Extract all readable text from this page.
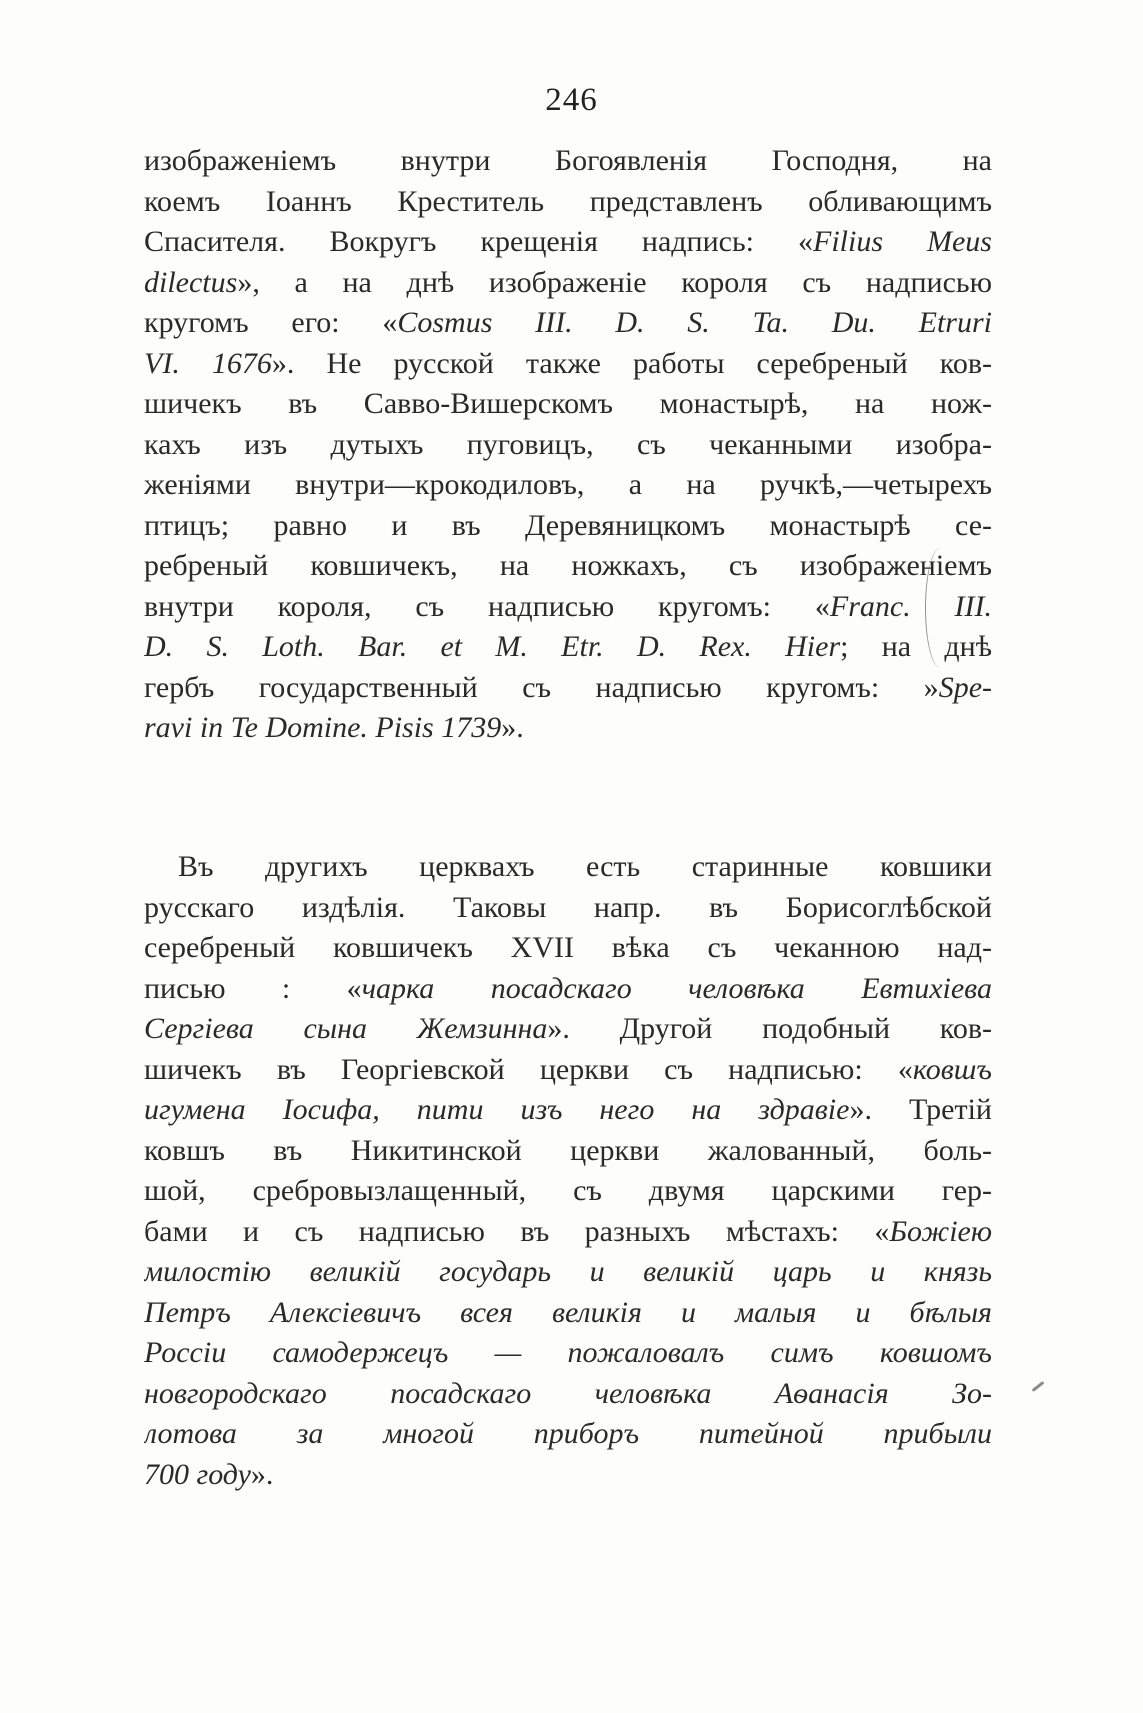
246
изображеніемъ внутри Богоявленія Господня, на
коемъ Іоаннъ Креститель представленъ обливающимъ
Спасителя. Вокругъ крещенія надпись: «Filius Meus
dilectus», а на днѣ изображеніе короля съ надписью
кругомъ его: «Cosmus III. D. S. Ta. Du. Etruri
VI. 1676». Не русской также работы серебреный ков-
шичекъ въ Савво-Вишерскомъ монастырѣ, на нож-
кахъ изъ дутыхъ пуговицъ, съ чеканными изобра-
женіями внутри—крокодиловъ, а на ручкѣ,—четырехъ
птицъ; равно и въ Деревяницкомъ монастырѣ се-
ребреный ковшичекъ, на ножкахъ, съ изображеніемъ
внутри короля, съ надписью кругомъ: «Franc. III.
D. S. Loth. Bar. et M. Etr. D. Rex. Hier; на днѣ
гербъ государственный съ надписью кругомъ: »Spe-
ravi in Te Domine. Pisis 1739».
Въ другихъ церквахъ есть старинные ковшики
русскаго издѣлія. Таковы напр. въ Борисоглѣбской
серебреный ковшичекъ XVII вѣка съ чеканною над-
писью : «чарка посадскаго человѣка Евтихіева
Сергіева сына Жемзинна». Другой подобный ков-
шичекъ въ Георгіевской церкви съ надписью: «ковшъ
игумена Іосифа, пити изъ него на здравіе». Третій
ковшъ въ Никитинской церкви жалованный, боль-
шой, сребровызлащенный, съ двумя царскими гер-
бами и съ надписью въ разныхъ мѣстахъ: «Божіею
милостію великій государь и великій царь и князь
Петръ Алексіевичъ всея великія и малыя и бѣлыя
Россіи самодержецъ — пожаловалъ симъ ковшомъ
новгородскаго посадскаго человѣка Аѳанасія Зо-
лотова за многой приборъ питейной прибыли
700 году».
